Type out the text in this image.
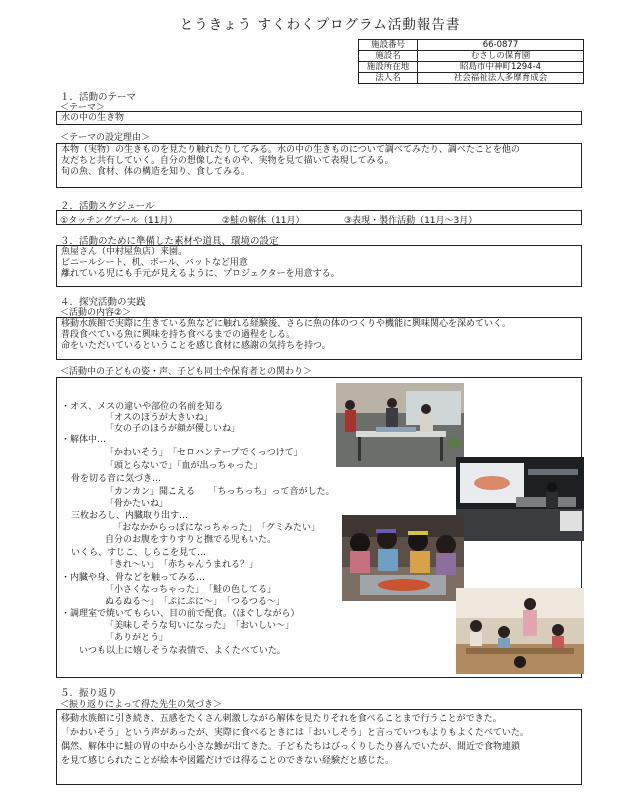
とうきょう すくわくプログラム活動報告書
施設番号	66-0877
施設名	むさしの保育園
施設所在地	昭島市中神町1294-4
法人名	社会福祉法人多摩育成会
１．活動のテーマ
＜テーマ＞

水の中の生き物

＜テーマの設定理由＞

本物（実物）の生きものを見たり触れたりしてみる。水の中の生きものについて調べてみたり、調べたことを他の

友だちと共有していく。自分の想像したものや、実物を見て描いて表現してみる。

旬の魚、食材、体の構造を知り、食してみる。

２．活動スケジュール
①タッチングプール（11月）	②鮭の解体（11月）	③表現・製作活動（11月～3月）
３．活動のために準備した素材や道具、環境の設定

魚屋さん（中村屋魚店）来園。

ビニールシート、机、ボール、バットなど用意

離れている児にも手元が見えるように、プロジェクターを用意する。

４．探究活動の実践
＜活動の内容②＞

移動水族館で実際に生きている魚などに触れる経験後、さらに魚の体のつくりや機能に興味関心を深めていく。

普段食べている魚に興味を持ち食べるまでの過程をしる。

命をいただいているということを感じ食材に感謝の気持ちを持つ。

＜活動中の子どもの姿・声、子ども同士や保育者との関わり＞
・オス、メスの違いや部位の名前を知る
「オスのほうが大きいね」
「女の子のほうが顔が優しいね」
・解体中…
「かわいそう」　「セロハンテープでくっつけて」
「頭とらないで」「血が出っちゃった」
骨を切る音に気づき…
「カンカン」聞こえる　　「ちっちっち」って音がした。
「骨かたいね」
三枚おろし、内臓取り出す…
「おなかからっぽになっちゃった」　「グミみたい」
自分のお腹をすりすりと撫でる児もいた。
いくら、すじこ、しらこを見て…
「きれ～い」　「赤ちゃんうまれる？」
・内臓や身、骨などを触ってみる…
「小さくなっちゃった」　「鮭の色してる」
ぬるぬる～」　「ぷにぷに～」　「つるつる～」
・調理室で焼いてもらい、目の前で配食。（ほぐしながら）
「美味しそうな匂いになった」　「おいしい～」
「ありがとう」
いつも以上に嬉しそうな表情で、よくたべていた。
５．振り返り
＜振り返りによって得た先生の気づき＞

移動水族館に引き続き、五感をたくさん刺激しながら解体を見たりそれを食べることまで行うことができた。

「かわいそう」という声があったが、実際に食べるときには「おいしそう」と言っていつもよりもよくたべていた。

偶然、解体中に鮭の胃の中から小さな鯵が出てきた。子どもたちはびっくりしたり喜んでいたが、間近で食物連鎖

を見て感じられたことが絵本や図鑑だけでは得ることのできない経験だと感じた。
